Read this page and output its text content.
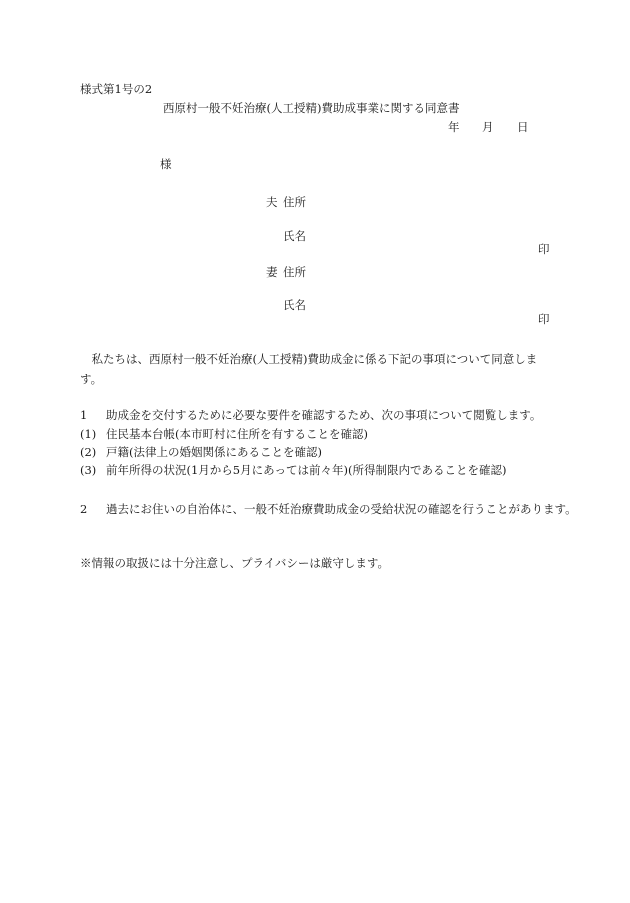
様式第1号の2
西原村一般不妊治療(人工授精)費助成事業に関する同意書
年 月 日
様
夫 住所
氏名
印
妻 住所
氏名
印
私たちは、西原村一般不妊治療(人工授精)費助成金に係る下記の事項について同意します。
1 助成金を交付するために必要な要件を確認するため、次の事項について閲覧します。
(1) 住民基本台帳(本市町村に住所を有することを確認)
(2) 戸籍(法律上の婚姻関係にあることを確認)
(3) 前年所得の状況(1月から5月にあっては前々年)(所得制限内であることを確認)
2 過去にお住いの自治体に、一般不妊治療費助成金の受給状況の確認を行うことがあります。
※情報の取扱には十分注意し、プライバシーは厳守します。
